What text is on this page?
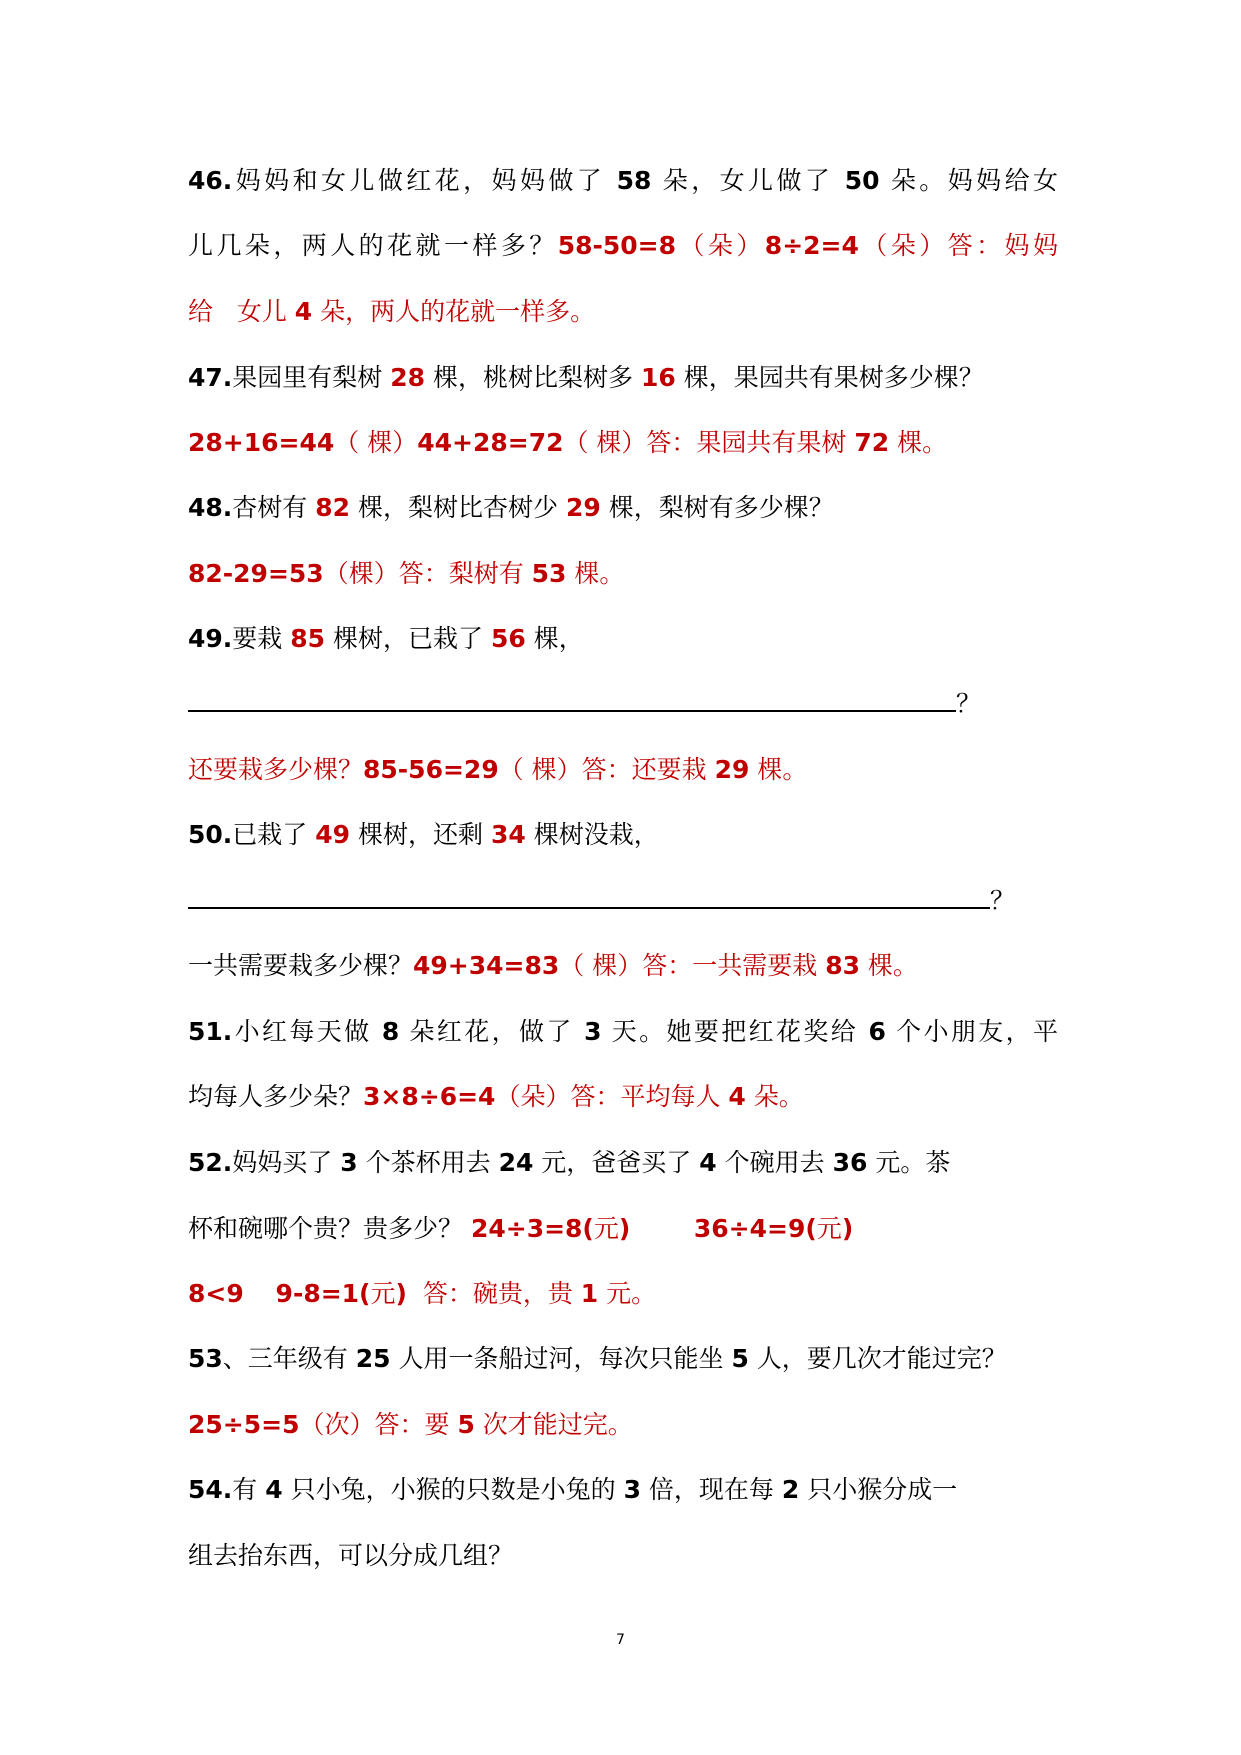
46.妈妈和女儿做红花，妈妈做了 58 朵，女儿做了 50 朵。妈妈给女
儿几朵，两人的花就一样多？58-50=8（朵）8÷2=4（朵）答：妈妈
给   女儿 4 朵，两人的花就一样多。
47.果园里有梨树 28 棵，桃树比梨树多 16 棵，果园共有果树多少棵？
28+16=44（ 棵）44+28=72（ 棵）答：果园共有果树 72 棵。
48.杏树有 82 棵，梨树比杏树少 29 棵，梨树有多少棵？
82-29=53（棵）答：梨树有 53 棵。
49.要栽 85 棵树，已栽了 56 棵，
？
还要栽多少棵？85-56=29（ 棵）答：还要栽 29 棵。
50.已栽了 49 棵树，还剩 34 棵树没栽，
？
一共需要栽多少棵？49+34=83（ 棵）答：一共需要栽 83 棵。
51.小红每天做 8 朵红花，做了 3 天。她要把红花奖给 6 个小朋友，平
均每人多少朵？3×8÷6=4（朵）答：平均每人 4 朵。
52.妈妈买了 3 个茶杯用去 24 元，爸爸买了 4 个碗用去 36 元。茶
杯和碗哪个贵？贵多少？ 24÷3=8(元)	36÷4=9(元)
8<9 9-8=1(元)  答：碗贵，贵 1 元。
53、三年级有 25 人用一条船过河，每次只能坐 5 人，要几次才能过完？
25÷5=5（次）答：要 5 次才能过完。
54.有 4 只小兔，小猴的只数是小兔的 3 倍，现在每 2 只小猴分成一
组去抬东西，可以分成几组？
7
